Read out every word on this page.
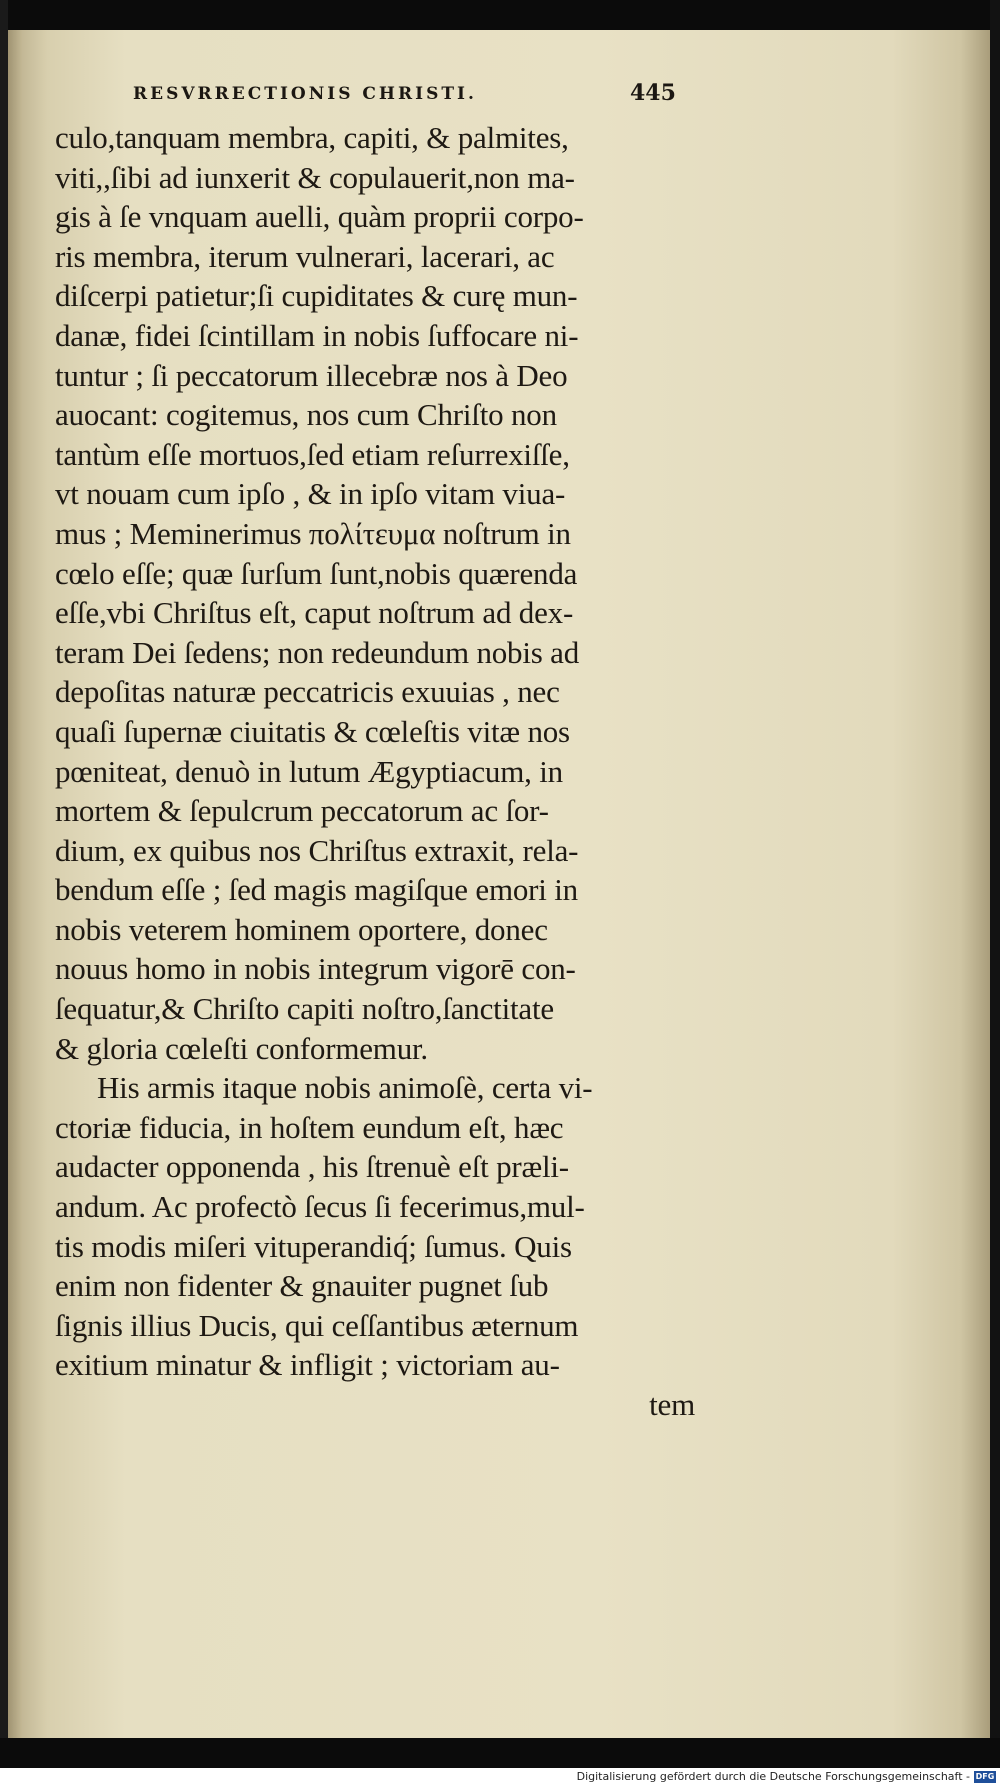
RESVRRECTIONIS CHRISTI.	445
culo,tanquam membra, capiti, & palmites,
viti,,ſibi ad iunxerit & copulauerit,non ma-
gis à ſe vnquam auelli, quàm proprii corpo-
ris membra, iterum vulnerari, lacerari, ac
diſcerpi patietur;ſi cupiditates & curę mun-
danæ, fidei ſcintillam in nobis ſuffocare ni-
tuntur ; ſi peccatorum illecebræ nos à Deo
auocant: cogitemus, nos cum Chriſto non
tantùm eſſe mortuos,ſed etiam reſurrexiſſe,
vt nouam cum ipſo , & in ipſo vitam viua-
mus ; Meminerimus πολίτευμα noſtrum in
cœlo eſſe; quæ ſurſum ſunt,nobis quærenda
eſſe,vbi Chriſtus eſt, caput noſtrum ad dex-
teram Dei ſedens; non redeundum nobis ad
depoſitas naturæ peccatricis exuuias , nec
quaſi ſupernæ ciuitatis & cœleſtis vitæ nos
pœniteat, denuò in lutum Ægyptiacum, in
mortem & ſepulcrum peccatorum ac ſor-
dium, ex quibus nos Chriſtus extraxit, rela-
bendum eſſe ; ſed magis magiſque emori in
nobis veterem hominem oportere, donec
nouus homo in nobis integrum vigorē con-
ſequatur,& Chriſto capiti noſtro,ſanctitate
& gloria cœleſti conformemur.
His armis itaque nobis animoſè, certa vi-
ctoriæ fiducia, in hoſtem eundum eſt, hæc
audacter opponenda , his ſtrenuè eſt præli-
andum. Ac profectò ſecus ſi fecerimus,mul-
tis modis miſeri vituperandiq́; ſumus. Quis
enim non fidenter & gnauiter pugnet ſub
ſignis illius Ducis, qui ceſſantibus æternum
exitium minatur & infligit ; victoriam au-
tem
Digitalisierung gefördert durch die Deutsche Forschungsgemeinschaft - DFG
